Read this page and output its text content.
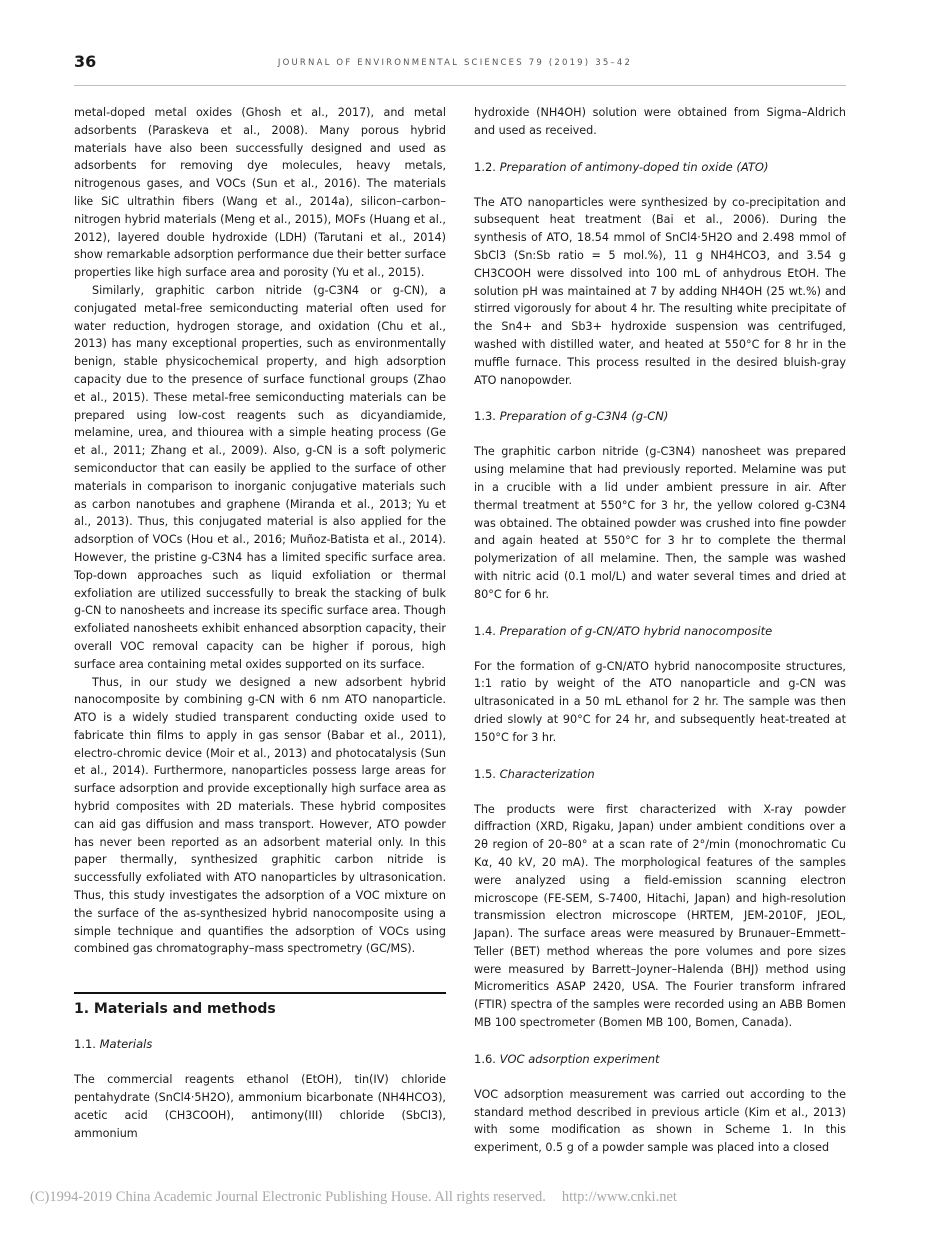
36	JOURNAL OF ENVIRONMENTAL SCIENCES 79 (2019) 35–42

metal-doped metal oxides (Ghosh et al., 2017), and metal adsorbents (Paraskeva et al., 2008). Many porous hybrid materials have also been successfully designed and used as adsorbents for removing dye molecules, heavy metals, nitrogenous gases, and VOCs (Sun et al., 2016). The materials like SiC ultrathin fibers (Wang et al., 2014a), silicon–carbon–nitrogen hybrid materials (Meng et al., 2015), MOFs (Huang et al., 2012), layered double hydroxide (LDH) (Tarutani et al., 2014) show remarkable adsorption performance due their better surface properties like high surface area and porosity (Yu et al., 2015).

Similarly, graphitic carbon nitride (g-C3N4 or g-CN), a conjugated metal-free semiconducting material often used for water reduction, hydrogen storage, and oxidation (Chu et al., 2013) has many exceptional properties, such as environmentally benign, stable physicochemical property, and high adsorption capacity due to the presence of surface functional groups (Zhao et al., 2015). These metal-free semiconducting materials can be prepared using low-cost reagents such as dicyandiamide, melamine, urea, and thiourea with a simple heating process (Ge et al., 2011; Zhang et al., 2009). Also, g-CN is a soft polymeric semiconductor that can easily be applied to the surface of other materials in comparison to inorganic conjugative materials such as carbon nanotubes and graphene (Miranda et al., 2013; Yu et al., 2013). Thus, this conjugated material is also applied for the adsorption of VOCs (Hou et al., 2016; Muñoz-Batista et al., 2014). However, the pristine g-C3N4 has a limited specific surface area. Top-down approaches such as liquid exfoliation or thermal exfoliation are utilized successfully to break the stacking of bulk g-CN to nanosheets and increase its specific surface area. Though exfoliated nanosheets exhibit enhanced absorption capacity, their overall VOC removal capacity can be higher if porous, high surface area containing metal oxides supported on its surface.

Thus, in our study we designed a new adsorbent hybrid nanocomposite by combining g-CN with 6 nm ATO nanoparticle. ATO is a widely studied transparent conducting oxide used to fabricate thin films to apply in gas sensor (Babar et al., 2011), electro-chromic device (Moir et al., 2013) and photocatalysis (Sun et al., 2014). Furthermore, nanoparticles possess large areas for surface adsorption and provide exceptionally high surface area as hybrid composites with 2D materials. These hybrid composites can aid gas diffusion and mass transport. However, ATO powder has never been reported as an adsorbent material only. In this paper thermally, synthesized graphitic carbon nitride is successfully exfoliated with ATO nanoparticles by ultrasonication. Thus, this study investigates the adsorption of a VOC mixture on the surface of the as-synthesized hybrid nanocomposite using a simple technique and quantifies the adsorption of VOCs using combined gas chromatography–mass spectrometry (GC/MS).

1. Materials and methods
1.1. Materials

The commercial reagents ethanol (EtOH), tin(IV) chloride pentahydrate (SnCl4·5H2O), ammonium bicarbonate (NH4HCO3), acetic acid (CH3COOH), antimony(III) chloride (SbCl3), ammonium

hydroxide (NH4OH) solution were obtained from Sigma–Aldrich and used as received.

1.2. Preparation of antimony-doped tin oxide (ATO)

The ATO nanoparticles were synthesized by co-precipitation and subsequent heat treatment (Bai et al., 2006). During the synthesis of ATO, 18.54 mmol of SnCl4·5H2O and 2.498 mmol of SbCl3 (Sn:Sb ratio = 5 mol.%), 11 g NH4HCO3, and 3.54 g CH3COOH were dissolved into 100 mL of anhydrous EtOH. The solution pH was maintained at 7 by adding NH4OH (25 wt.%) and stirred vigorously for about 4 hr. The resulting white precipitate of the Sn4+ and Sb3+ hydroxide suspension was centrifuged, washed with distilled water, and heated at 550°C for 8 hr in the muffle furnace. This process resulted in the desired bluish-gray ATO nanopowder.

1.3. Preparation of g-C3N4 (g-CN)

The graphitic carbon nitride (g-C3N4) nanosheet was prepared using melamine that had previously reported. Melamine was put in a crucible with a lid under ambient pressure in air. After thermal treatment at 550°C for 3 hr, the yellow colored g-C3N4 was obtained. The obtained powder was crushed into fine powder and again heated at 550°C for 3 hr to complete the thermal polymerization of all melamine. Then, the sample was washed with nitric acid (0.1 mol/L) and water several times and dried at 80°C for 6 hr.

1.4. Preparation of g-CN/ATO hybrid nanocomposite

For the formation of g-CN/ATO hybrid nanocomposite structures, 1:1 ratio by weight of the ATO nanoparticle and g-CN was ultrasonicated in a 50 mL ethanol for 2 hr. The sample was then dried slowly at 90°C for 24 hr, and subsequently heat-treated at 150°C for 3 hr.

1.5. Characterization

The products were first characterized with X-ray powder diffraction (XRD, Rigaku, Japan) under ambient conditions over a 2θ region of 20–80° at a scan rate of 2°/min (monochromatic Cu Kα, 40 kV, 20 mA). The morphological features of the samples were analyzed using a field-emission scanning electron microscope (FE-SEM, S-7400, Hitachi, Japan) and high-resolution transmission electron microscope (HRTEM, JEM-2010F, JEOL, Japan). The surface areas were measured by Brunauer–Emmett–Teller (BET) method whereas the pore volumes and pore sizes were measured by Barrett–Joyner–Halenda (BHJ) method using Micromeritics ASAP 2420, USA. The Fourier transform infrared (FTIR) spectra of the samples were recorded using an ABB Bomen MB 100 spectrometer (Bomen MB 100, Bomen, Canada).

1.6. VOC adsorption experiment

VOC adsorption measurement was carried out according to the standard method described in previous article (Kim et al., 2013) with some modification as shown in Scheme 1. In this experiment, 0.5 g of a powder sample was placed into a closed

(C)1994-2019 China Academic Journal Electronic Publishing House. All rights reserved. http://www.cnki.net
